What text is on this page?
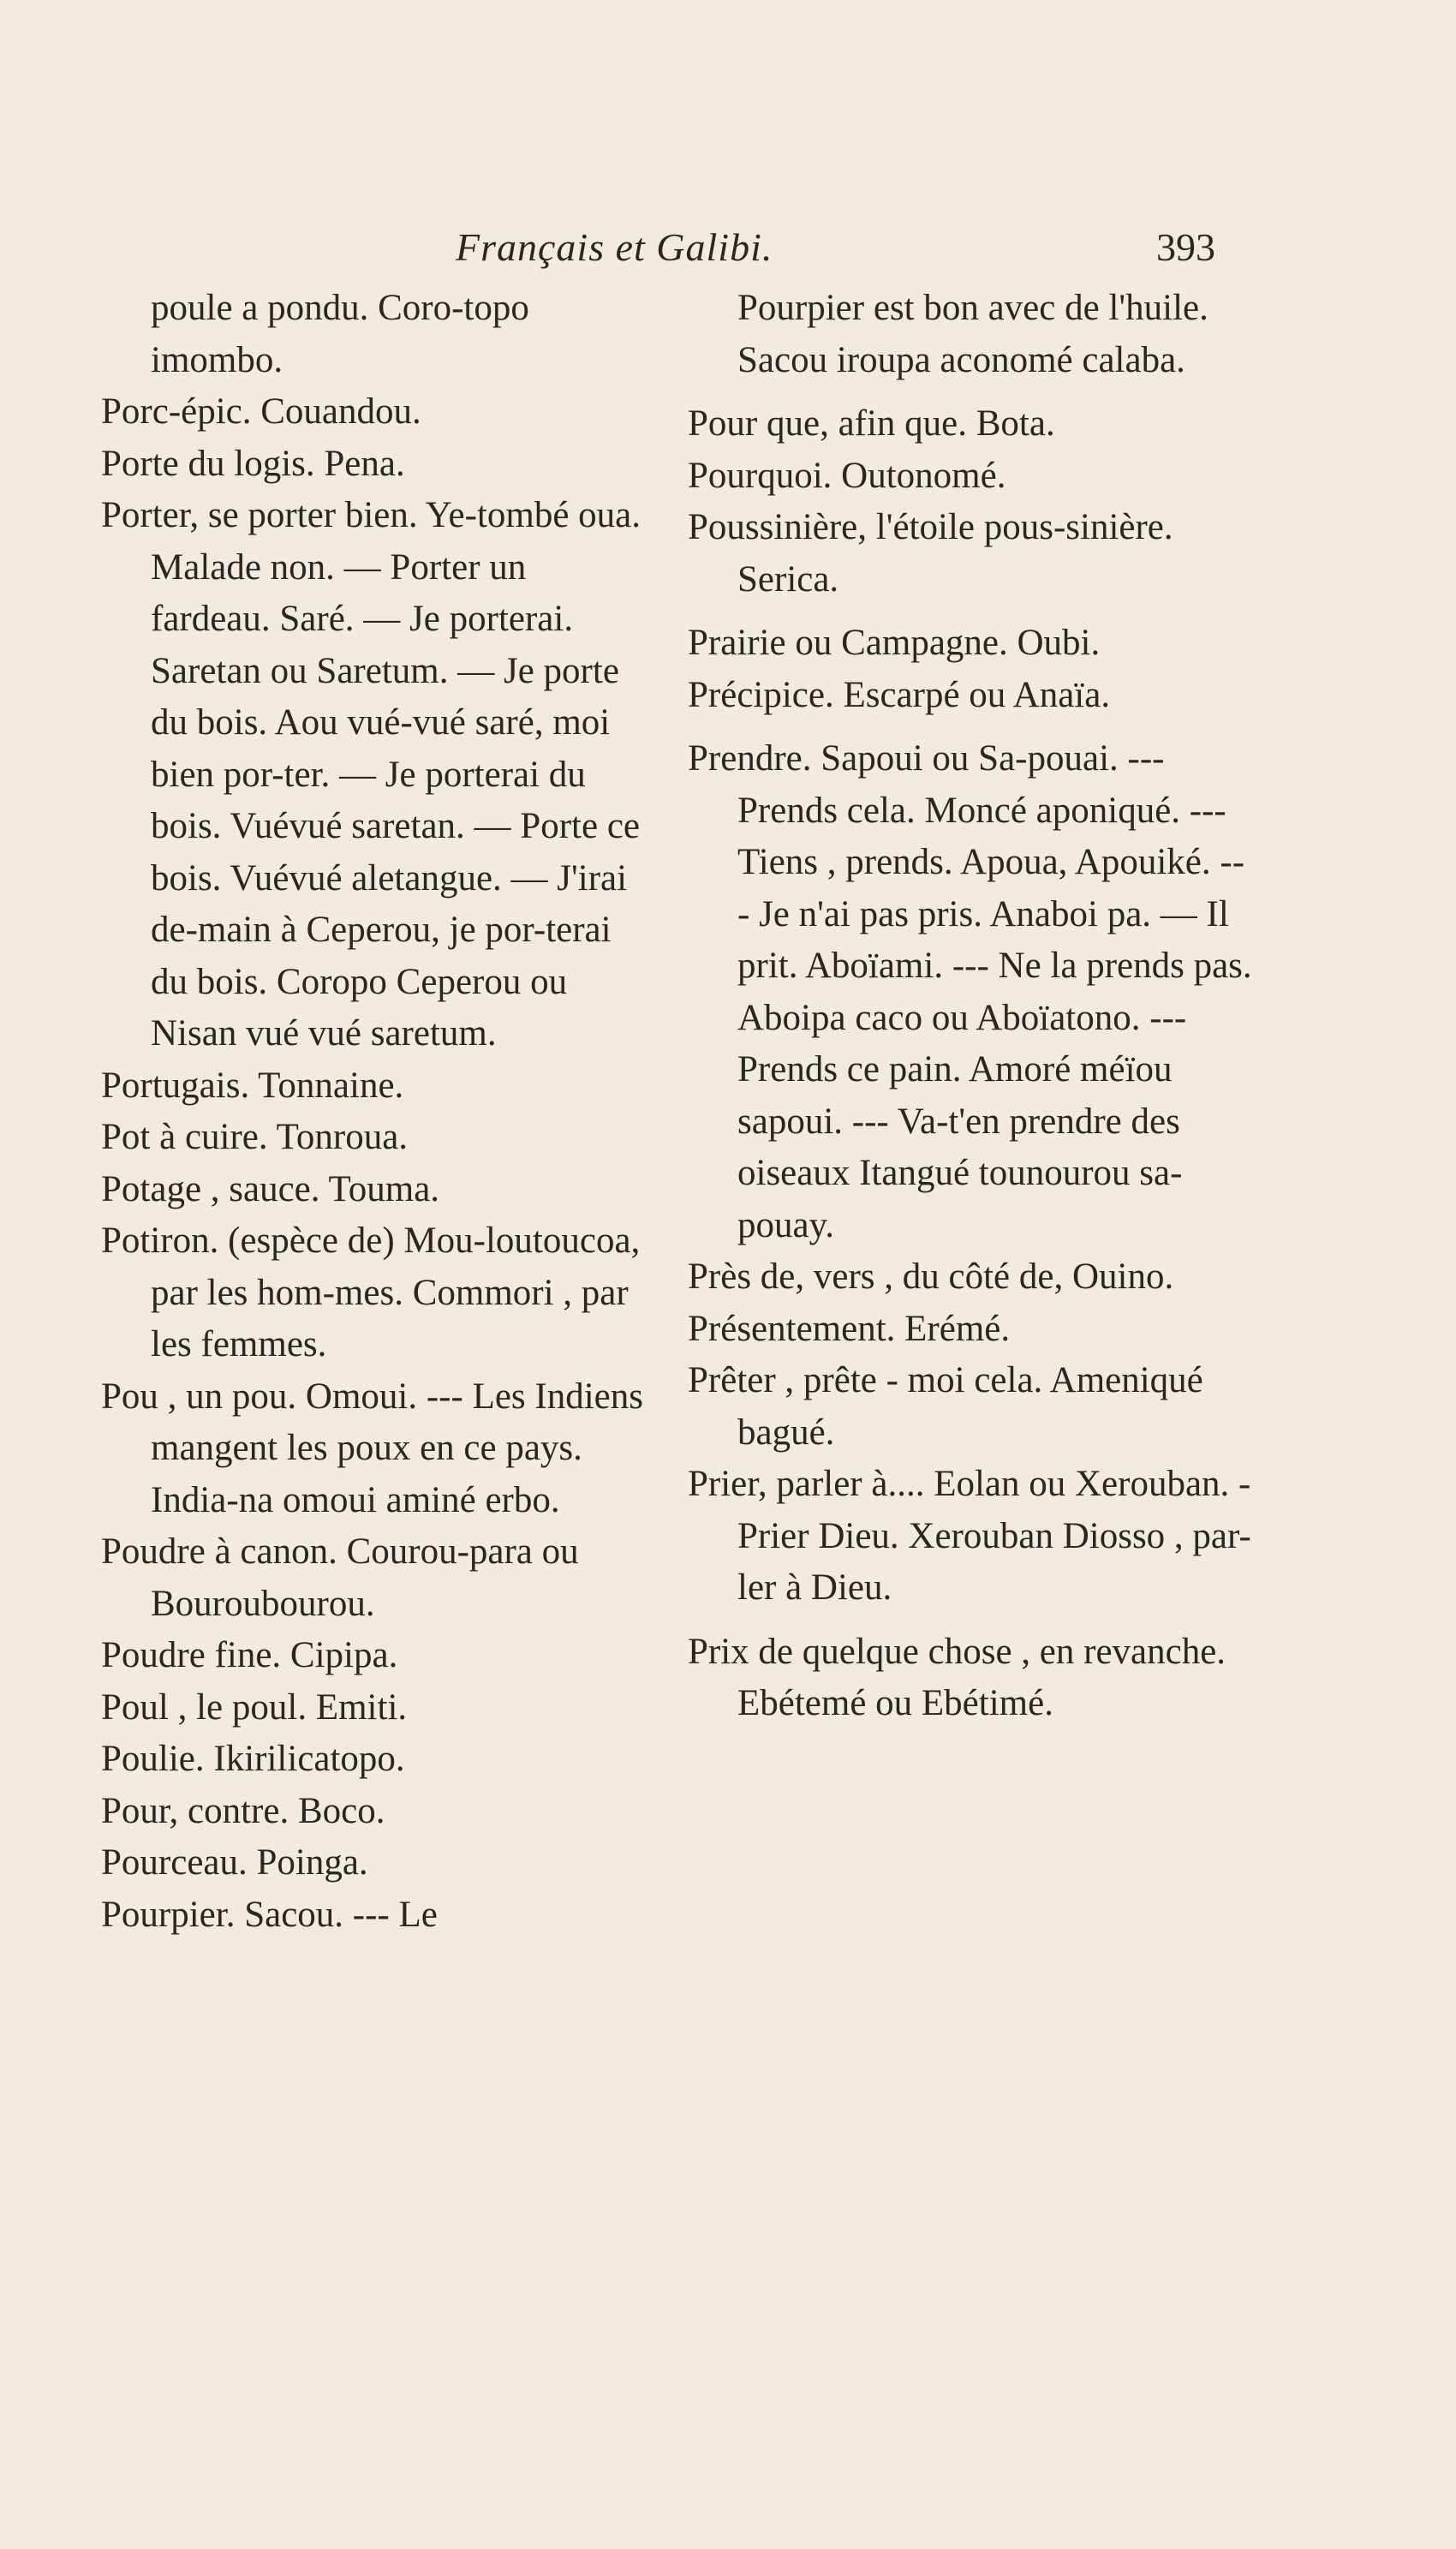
Français et Galibi.	393
poule a pondu. Coro-topo imombo.
Porc-épic. Couandou.
Porte du logis. Pena.
Porter, se porter bien. Ye-tombé oua. Malade non. — Porter un fardeau. Saré. — Je porterai. Saretan ou Saretum. — Je porte du bois. Aou vué-vué saré, moi bien por-ter. — Je porterai du bois. Vuévué saretan. — Porte ce bois. Vuévué aletangue. — J'irai de-main à Ceperou, je por-terai du bois. Coropo Ceperou ou Nisan vué vué saretum.
Portugais. Tonnaine.
Pot à cuire. Tonroua.
Potage , sauce. Touma.
Potiron. (espèce de) Mou-loutoucoa, par les hom-mes. Commori , par les femmes.
Pou , un pou. Omoui. --- Les Indiens mangent les poux en ce pays. India-na omoui aminé erbo.
Poudre à canon. Courou-para ou Bouroubourou.
Poudre fine. Cipipa.
Poul , le poul. Emiti.
Poulie. Ikirilicatopo.
Pour, contre. Boco.
Pourceau. Poinga.
Pourpier. Sacou. --- Le
Pourpier est bon avec de l'huile. Sacou iroupa aconomé calaba.
Pour que, afin que. Bota.
Pourquoi. Outonomé.
Poussinière, l'étoile pous-sinière. Serica.
Prairie ou Campagne. Oubi.
Précipice. Escarpé ou Anaïa.
Prendre. Sapoui ou Sa-pouai. --- Prends cela. Moncé aponiqué. --- Tiens , prends. Apoua, Apouiké. --- Je n'ai pas pris. Anaboi pa. — Il prit. Aboïami. --- Ne la prends pas. Aboipa caco ou Aboïatono. --- Prends ce pain. Amoré méïou sapoui. --- Va-t'en prendre des oiseaux Itangué tounourou sa-pouay.
Près de, vers , du côté de, Ouino.
Présentement. Erémé.
Prêter , prête - moi cela. Ameniqué bagué.
Prier, parler à.... Eolan ou Xerouban. - Prier Dieu. Xerouban Diosso , par-ler à Dieu.
Prix de quelque chose , en revanche. Ebétemé ou Ebétimé.
